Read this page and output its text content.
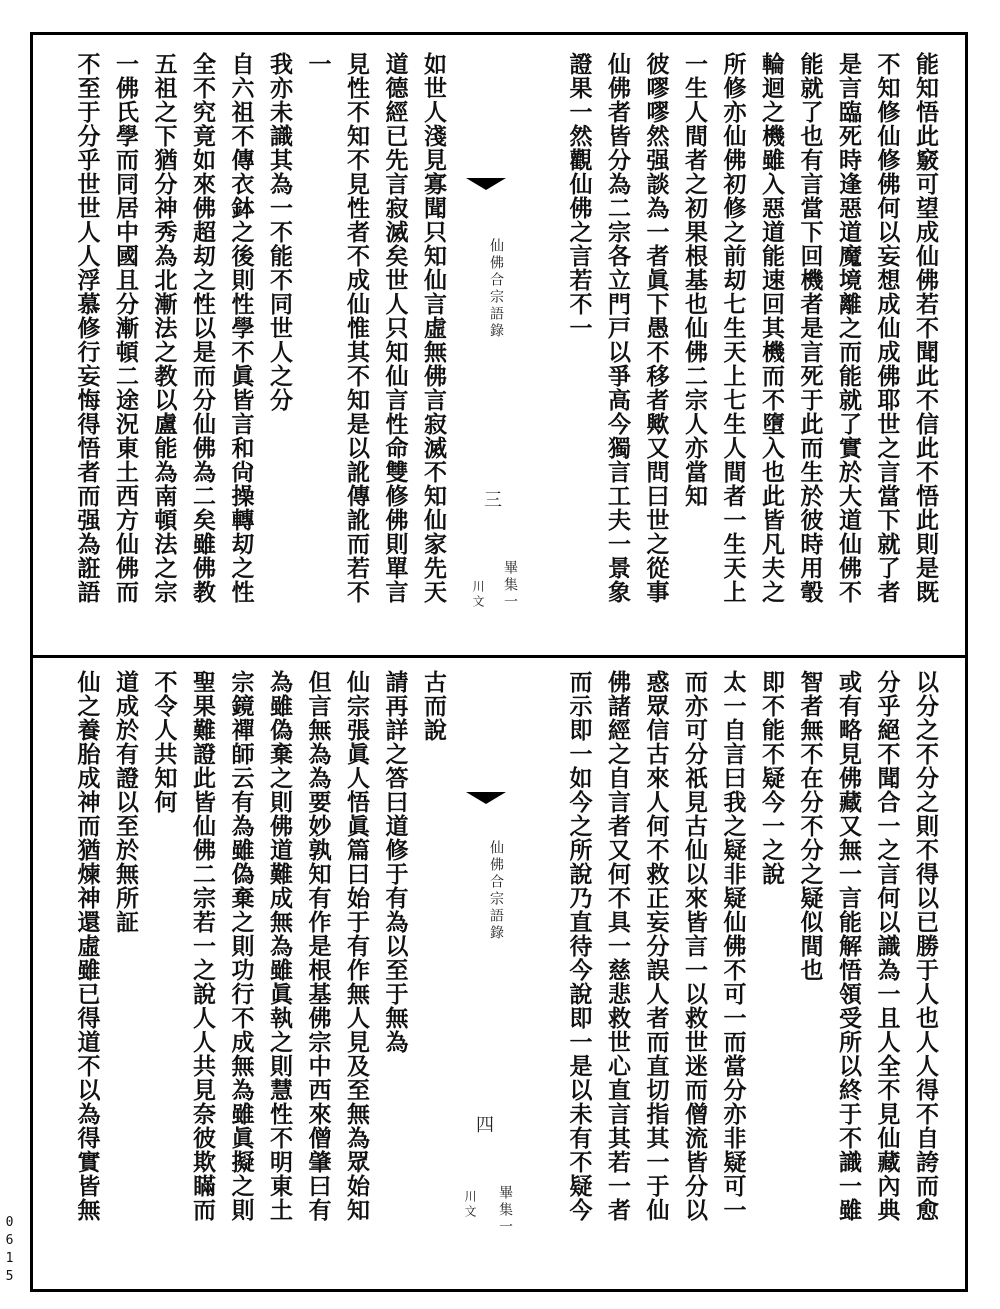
能知悟此竅可望成仙佛若不聞此不信此不悟此則是既
不知修仙修佛何以妄想成仙成佛耶世之言當下就了者
是言臨死時逢惡道魔境離之而能就了實於大道仙佛不
能就了也有言當下回機者是言死于此而生於彼時用彀
輪迴之機雖入惡道能速回其機而不墮入也此皆凡夫之
所修亦仙佛初修之前刧七生天上七生人間者一生天上
一生人間者之初果根基也仙佛二宗人亦當知
彼嘐嘐然强談為一者眞下愚不移者歟又問曰世之從事
仙佛者皆分為二宗各立門戸以爭高今獨言工夫一景象
證果一然觀仙佛之言若不一
如世人淺見寡聞只知仙言虛無佛言寂滅不知仙家先天
道德經已先言寂滅矣世人只知仙言性命雙修佛則單言
見性不知不見性者不成仙惟其不知是以訛傳訛而若不
一
我亦未識其為一不能不同世人之分
自六祖不傳衣鉢之後則性學不眞皆言和尙操轉刧之性
全不究竟如來佛超刧之性以是而分仙佛為二矣雖佛教
五祖之下猶分神秀為北漸法之教以盧能為南頓法之宗
一佛氏學而同居中國且分漸頓二途況東土西方仙佛而
不至于分乎世世人人浮慕修行妄悔得悟者而强為誑語
以分之不分之則不得以已勝于人也人人得不自誇而愈
分乎絕不聞合一之言何以識為一且人全不見仙藏內典
或有略見佛藏又無一言能解悟領受所以終于不識一雖
智者無不在分不分之疑似間也
即不能不疑今一之說
太一自言曰我之疑非疑仙佛不可一而當分亦非疑可一
而亦可分祇見古仙以來皆言一以救世迷而僧流皆分以
惑眾信古來人何不救正妄分誤人者而直切指其一于仙
佛諸經之自言者又何不具一慈悲救世心直言其若一者
而示即一如今之所說乃直待今說即一是以未有不疑今
古而說
請再詳之答曰道修于有為以至于無為
仙宗張眞人悟眞篇曰始于有作無人見及至無為眾始知
但言無為為要妙孰知有作是根基佛宗中西來僧肇曰有
為雖偽棄之則佛道難成無為雖眞執之則慧性不明東土
宗鏡禪師云有為雖偽棄之則功行不成無為雖眞擬之則
聖果難證此皆仙佛二宗若一之說人人共見奈彼欺瞞而
不令人共知何
道成於有證以至於無所証
仙之養胎成神而猶煉神還虛雖已得道不以為得實皆無
仙佛合宗語錄
三
畢集一
川文
仙佛合宗語錄
四
畢集一
川文
0615
